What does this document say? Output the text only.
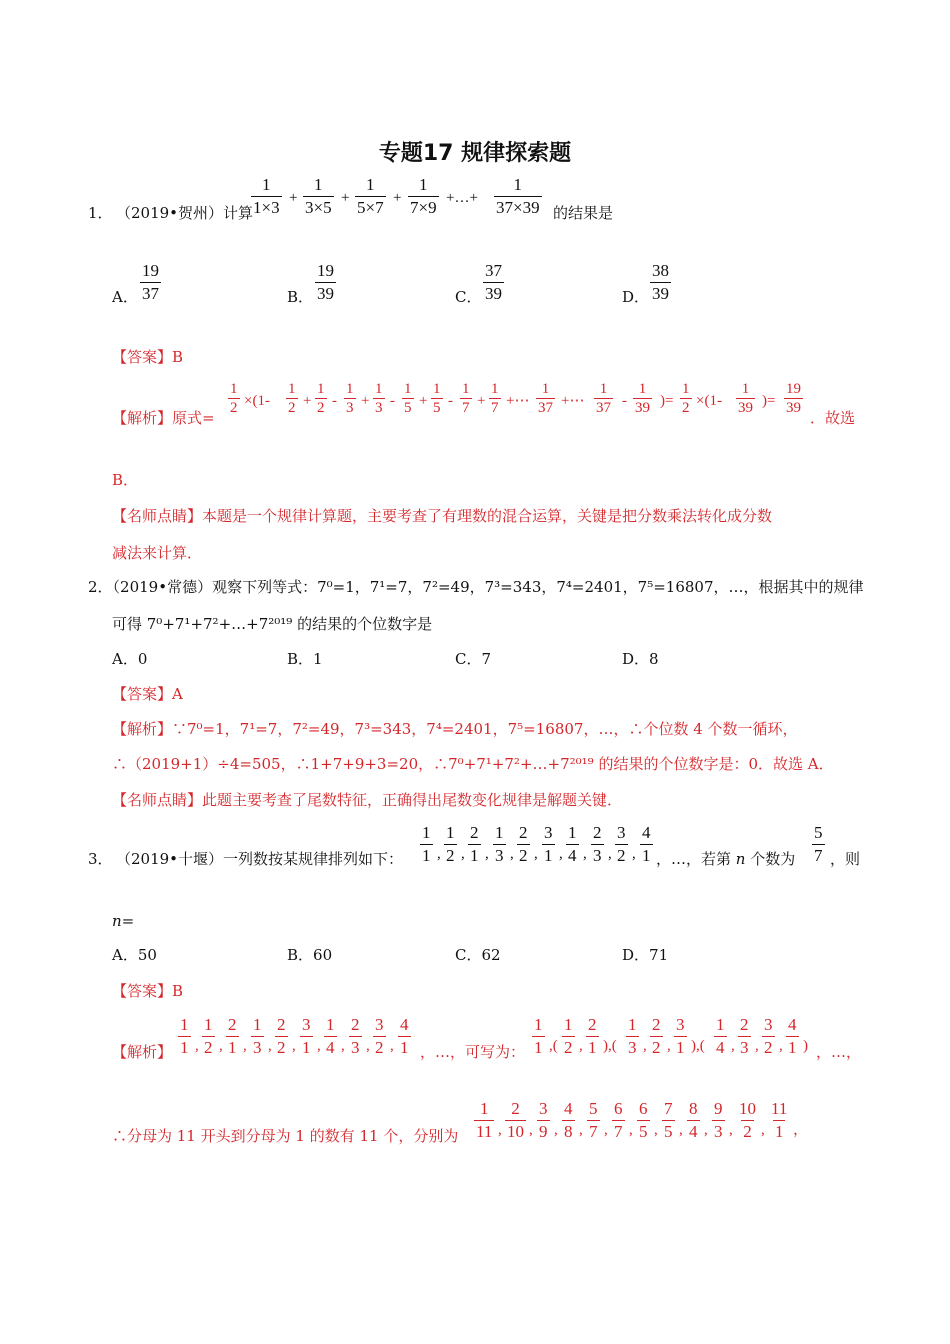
专题17 规律探索题
1． （2019•贺州）计算
1
1×3 +
1
3×5 +
1
5×7 +
1
7×9 +…+
1
37×39 的结果是
A．
19
37	B．
19
39	C．
37
39	D．
38
39
【答案】B
【解析】原式=
1
2 ×(1-
1
2 +
1
2 -
1
3 +
1
3 -
1
5 +
1
5 -
1
7 +
1
7 +⋯
1
37 +⋯
1
37 -
1
39 )=
1
2 ×(1-
1
39 )=
19
39
．故选
B．
【名师点睛】本题是一个规律计算题，主要考查了有理数的混合运算，关键是把分数乘法转化成分数
减法来计算．
2．（2019•常德）观察下列等式：7⁰=1，7¹=7，7²=49，7³=343，7⁴=2401，7⁵=16807，…，根据其中的规律
可得 7⁰+7¹+7²+…+7²⁰¹⁹ 的结果的个位数字是
A．0	B．1	C．7	D．8
【答案】A
【解析】∵7⁰=1，7¹=7，7²=49，7³=343，7⁴=2401，7⁵=16807，…，∴个位数 4 个数一循环，
∴（2019+1）÷4=505，∴1+7+9+3=20，∴7⁰+7¹+7²+…+7²⁰¹⁹ 的结果的个位数字是：0．故选 A．
【名师点睛】此题主要考查了尾数特征，正确得出尾数变化规律是解题关键．
3． （2019•十堰）一列数按某规律排列如下：
1
1 ,
1
2 ,
2
1 ,
1
3 ,
2
2 ,
3
1 ,
1
4 ,
2
3 ,
3
2 ,
4
1 ，…，若第 n 个数为
5
7 ，则
n=
A．50	B．60	C．62	D．71
【答案】B
【解析】
1
1 ,
1
2 ,
2
1 ,
1
3 ,
2
2 ,
3
1 ,
1
4 ,
2
3 ,
3
2 ,
4
1 ，…，可写为：
1
1 ,(
1
2 ,
2
1 ),(
1
3 ,
2
2 ,
3
1 ),(
1
4 ,
2
3 ,
3
2 ,
4
1 ) ，…，
∴分母为 11 开头到分母为 1 的数有 11 个，分别为
1
11 ,
2
10 ,
3
9 ,
4
8 ,
5
7 ,
6
7 ,
6
5 ,
7
5 ,
8
4 ,
9
3 ,
10
2 ,
11
1 ，
